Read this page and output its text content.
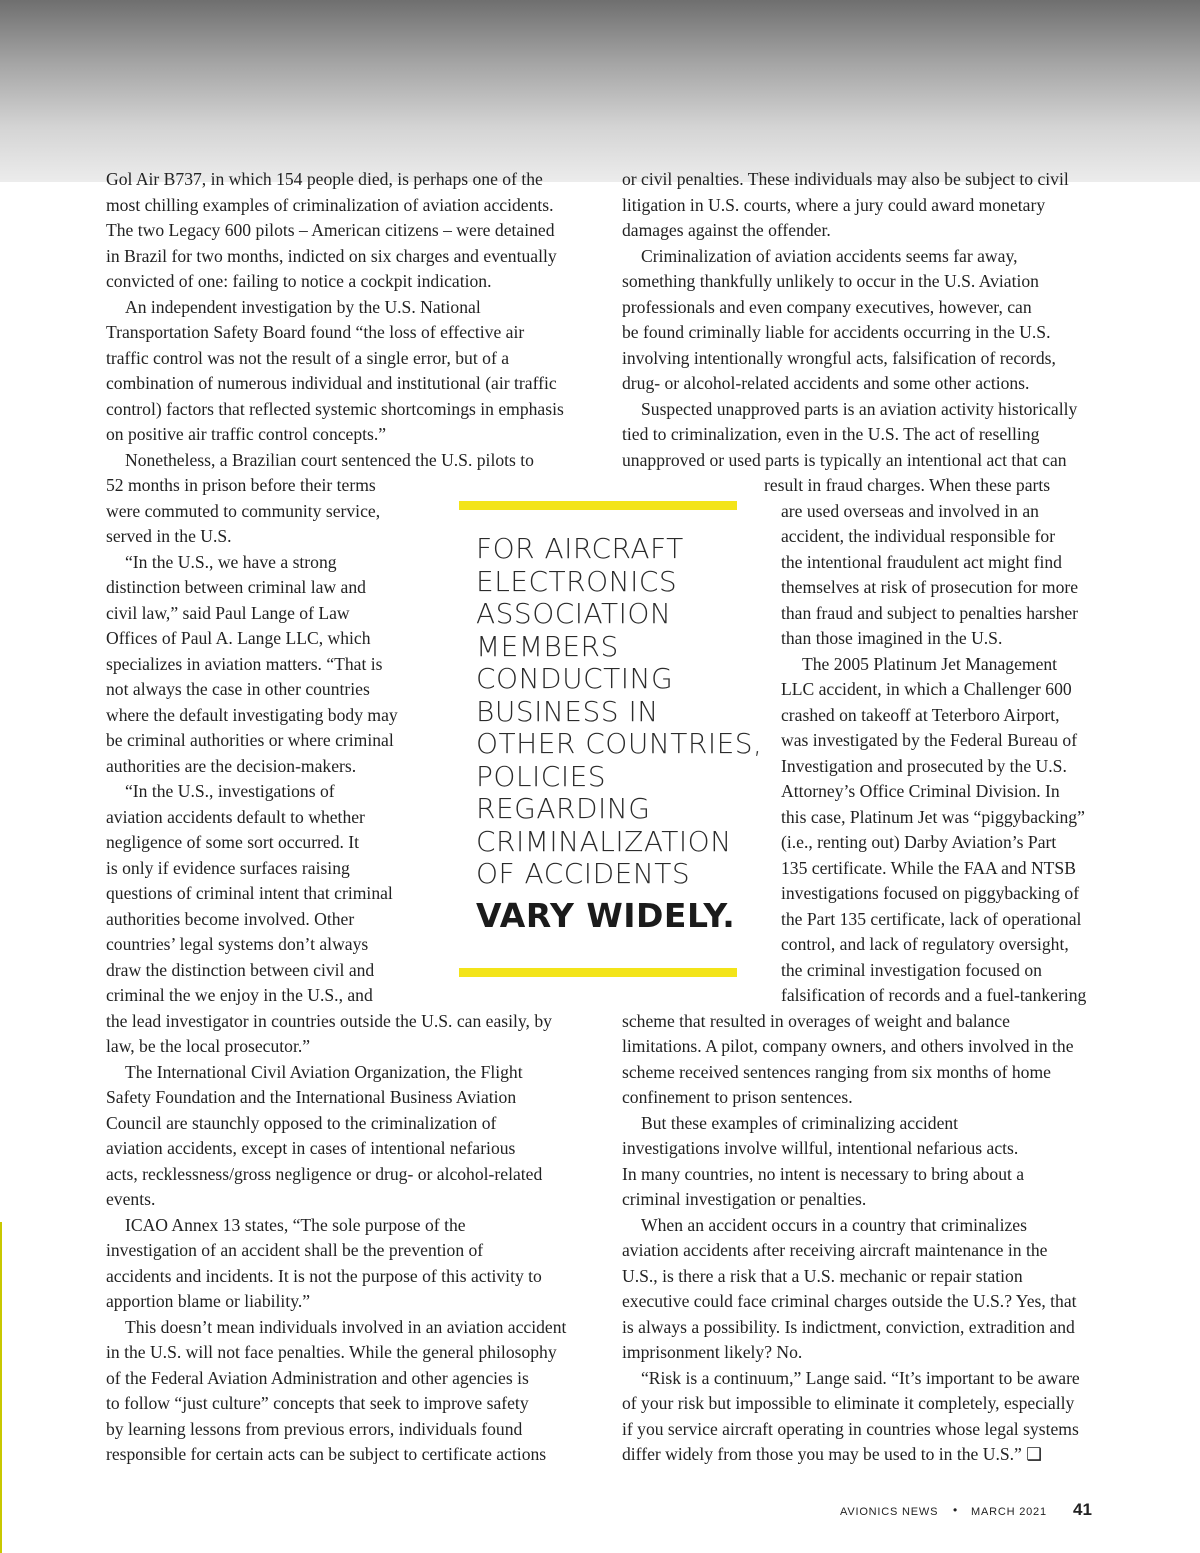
Gol Air B737, in which 154 people died, is perhaps one of the
most chilling examples of criminalization of aviation accidents.
The two Legacy 600 pilots – American citizens – were detained
in Brazil for two months, indicted on six charges and eventually
convicted of one: failing to notice a cockpit indication.
An independent investigation by the U.S. National
Transportation Safety Board found “the loss of effective air
traffic control was not the result of a single error, but of a
combination of numerous individual and institutional (air traffic
control) factors that reflected systemic shortcomings in emphasis
on positive air traffic control concepts.”
Nonetheless, a Brazilian court sentenced the U.S. pilots to
52 months in prison before their terms
were commuted to community service,
served in the U.S.
“In the U.S., we have a strong
distinction between criminal law and
civil law,” said Paul Lange of Law
Offices of Paul A. Lange LLC, which
specializes in aviation matters. “That is
not always the case in other countries
where the default investigating body may
be criminal authorities or where criminal
authorities are the decision-makers.
“In the U.S., investigations of
aviation accidents default to whether
negligence of some sort occurred. It
is only if evidence surfaces raising
questions of criminal intent that criminal
authorities become involved. Other
countries’ legal systems don’t always
draw the distinction between civil and
criminal the we enjoy in the U.S., and
the lead investigator in countries outside the U.S. can easily, by
law, be the local prosecutor.”
The International Civil Aviation Organization, the Flight
Safety Foundation and the International Business Aviation
Council are staunchly opposed to the criminalization of
aviation accidents, except in cases of intentional nefarious
acts, recklessness/gross negligence or drug- or alcohol-related
events.
ICAO Annex 13 states, “The sole purpose of the
investigation of an accident shall be the prevention of
accidents and incidents. It is not the purpose of this activity to
apportion blame or liability.”
This doesn’t mean individuals involved in an aviation accident
in the U.S. will not face penalties. While the general philosophy
of the Federal Aviation Administration and other agencies is
to follow “just culture” concepts that seek to improve safety
by learning lessons from previous errors, individuals found
responsible for certain acts can be subject to certificate actions
or civil penalties. These individuals may also be subject to civil
litigation in U.S. courts, where a jury could award monetary
damages against the offender.
Criminalization of aviation accidents seems far away,
something thankfully unlikely to occur in the U.S. Aviation
professionals and even company executives, however, can
be found criminally liable for accidents occurring in the U.S.
involving intentionally wrongful acts, falsification of records,
drug- or alcohol-related accidents and some other actions.
Suspected unapproved parts is an aviation activity historically
tied to criminalization, even in the U.S. The act of reselling
unapproved or used parts is typically an intentional act that can
result in fraud charges. When these parts
are used overseas and involved in an
accident, the individual responsible for
the intentional fraudulent act might find
themselves at risk of prosecution for more
than fraud and subject to penalties harsher
than those imagined in the U.S.
The 2005 Platinum Jet Management
LLC accident, in which a Challenger 600
crashed on takeoff at Teterboro Airport,
was investigated by the Federal Bureau of
Investigation and prosecuted by the U.S.
Attorney’s Office Criminal Division. In
this case, Platinum Jet was “piggybacking”
(i.e., renting out) Darby Aviation’s Part
135 certificate. While the FAA and NTSB
investigations focused on piggybacking of
the Part 135 certificate, lack of operational
control, and lack of regulatory oversight,
the criminal investigation focused on
falsification of records and a fuel-tankering
scheme that resulted in overages of weight and balance
limitations. A pilot, company owners, and others involved in the
scheme received sentences ranging from six months of home
confinement to prison sentences.
But these examples of criminalizing accident
investigations involve willful, intentional nefarious acts.
In many countries, no intent is necessary to bring about a
criminal investigation or penalties.
When an accident occurs in a country that criminalizes
aviation accidents after receiving aircraft maintenance in the
U.S., is there a risk that a U.S. mechanic or repair station
executive could face criminal charges outside the U.S.? Yes, that
is always a possibility. Is indictment, conviction, extradition and
imprisonment likely? No.
“Risk is a continuum,” Lange said. “It’s important to be aware
of your risk but impossible to eliminate it completely, especially
if you service aircraft operating in countries whose legal systems
differ widely from those you may be used to in the U.S.” ❑
FOR AIRCRAFT
ELECTRONICS
ASSOCIATION
MEMBERS
CONDUCTING
BUSINESS IN
OTHER COUNTRIES,
POLICIES
REGARDING
CRIMINALIZATION
OF ACCIDENTS
VARY WIDELY.
AVIONICS NEWS • MARCH 2021 41
